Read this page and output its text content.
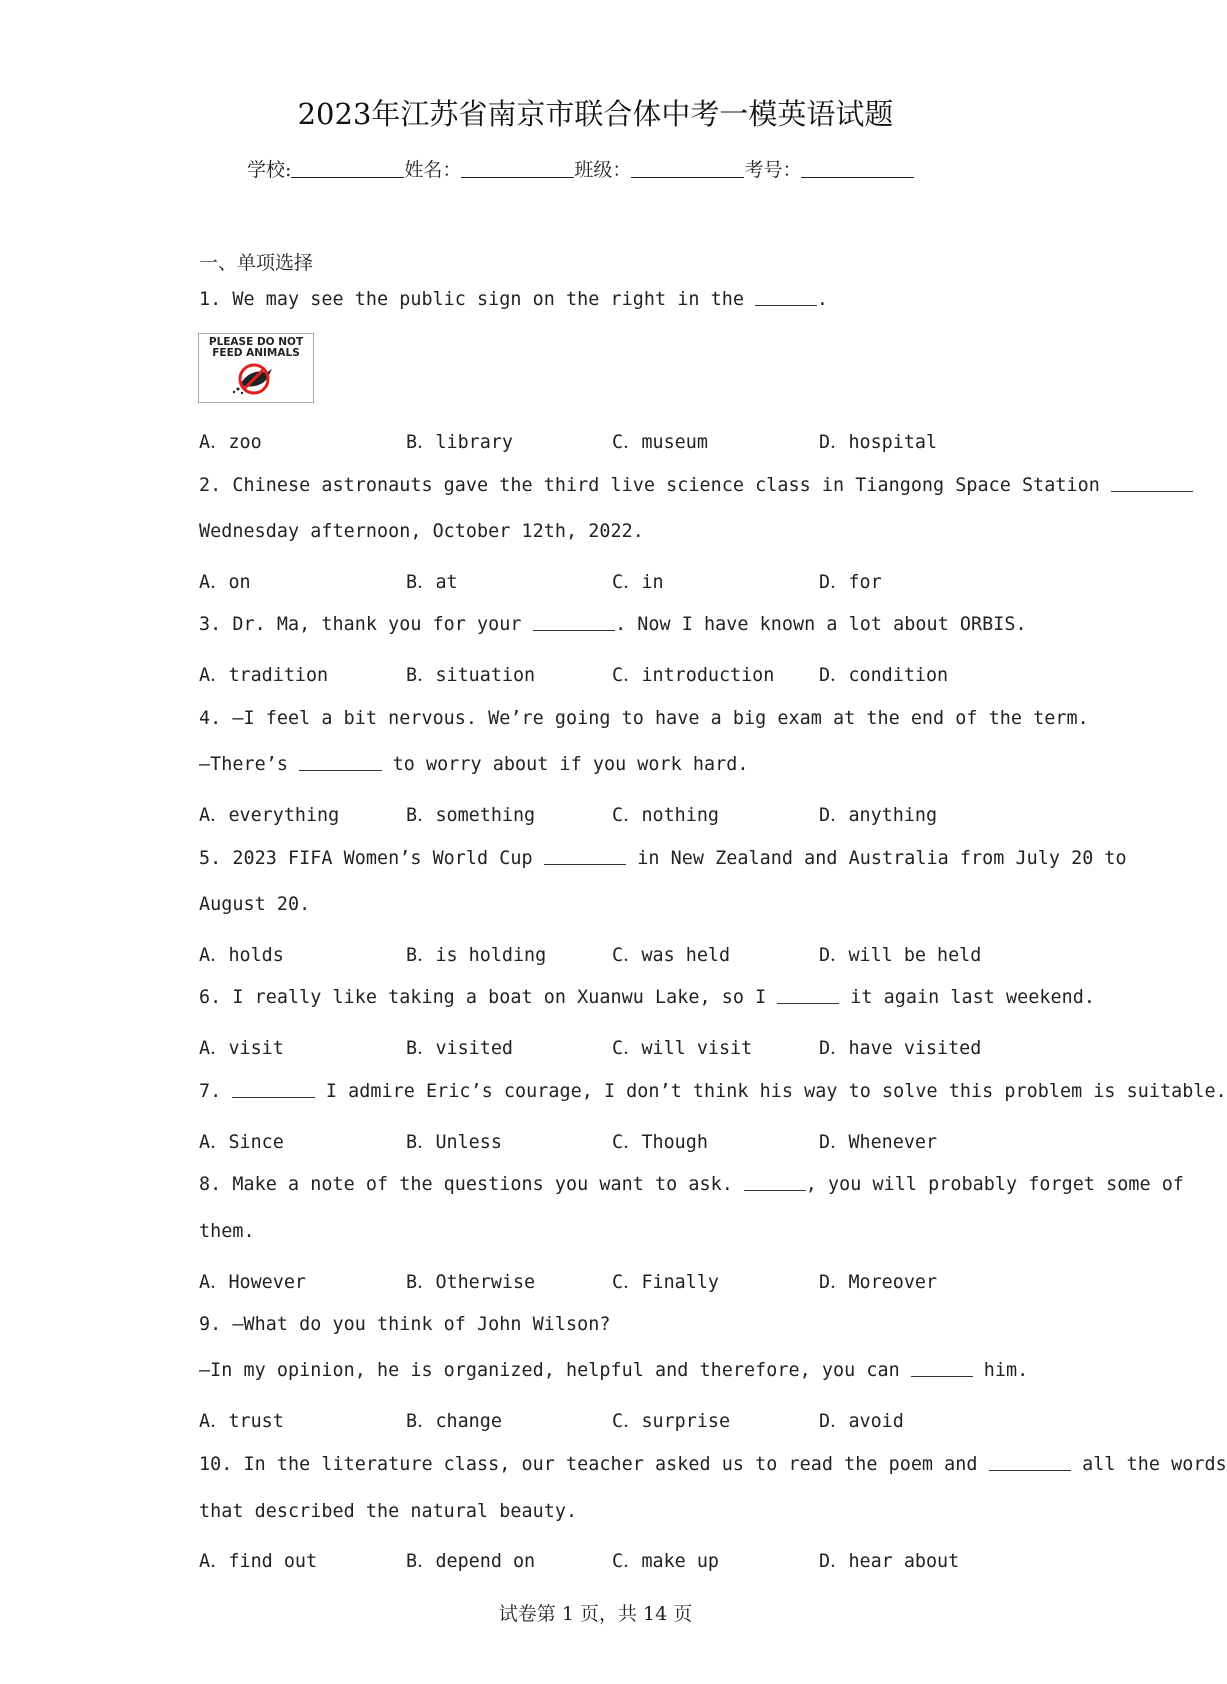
2023年江苏省南京市联合体中考一模英语试题
学校:	姓名：	班级：	考号：
一、单项选择
PLEASE DO NOT FEED ANIMALS
1. We may see the public sign on the right in the	.
A．zoo	B．library	C．museum	D．hospital
2. Chinese astronauts gave the third live science class in Tiangong Space Station
Wednesday afternoon, October 12th, 2022.
A．on	B．at	C．in	D．for
3. Dr. Ma, thank you for your	. Now I have known a lot about ORBIS.
A．tradition	B．situation	C．introduction D．condition
4. —I feel a bit nervous. We’re going to have a big exam at the end of the term.
—There’s	to worry about if you work hard.
A．everything	B．something	C．nothing	D．anything
5. 2023 FIFA Women’s World Cup	in New Zealand and Australia from July 20 to
August 20.
A．holds	B．is holding	C．was held	D．will be held
6. I really like taking a boat on Xuanwu Lake, so I	it again last weekend.
A．visit	B．visited	C．will visit	D．have visited
7.	I admire Eric’s courage, I don’t think his way to solve this problem is suitable.
A．Since	B．Unless	C．Though	D．Whenever
8. Make a note of the questions you want to ask.	, you will probably forget some of
them.
A．However	B．Otherwise	C．Finally	D．Moreover
9. —What do you think of John Wilson?
—In my opinion, he is organized, helpful and therefore, you can	him.
A．trust	B．change	C．surprise	D．avoid
10. In the literature class, our teacher asked us to read the poem and	all the words
that described the natural beauty.
A．find out	B．depend on	C．make up	D．hear about
试卷第 1 页，共 14 页
